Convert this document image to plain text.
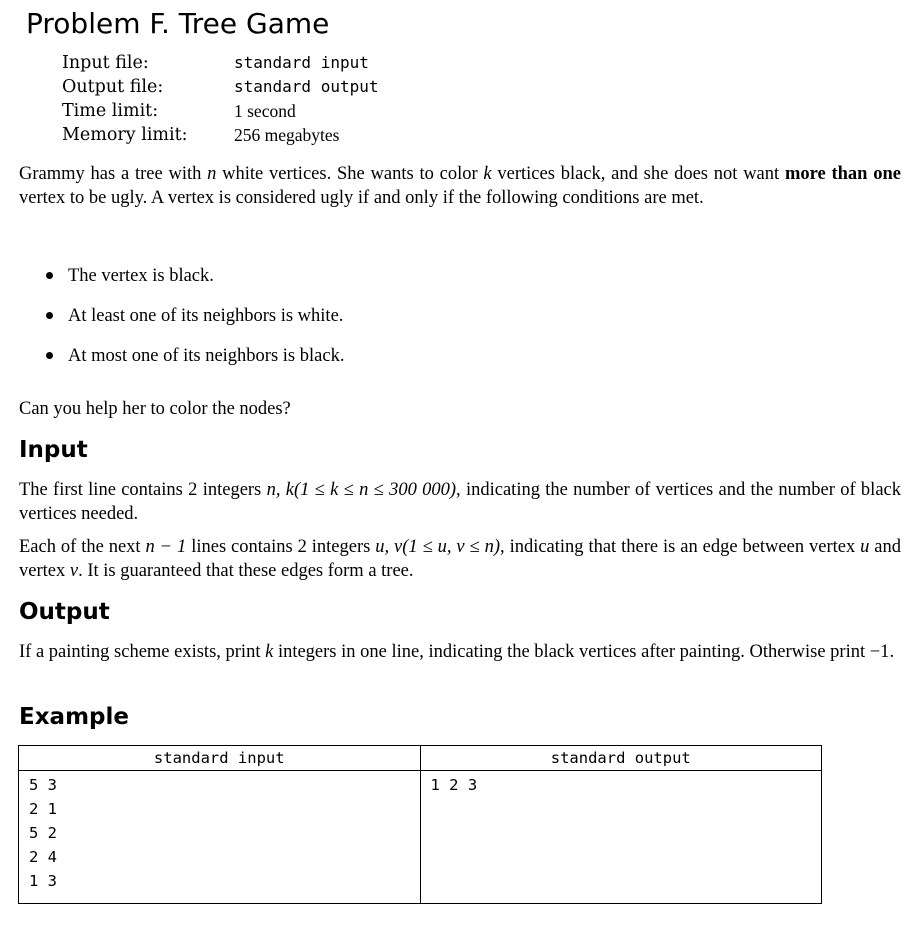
Problem F. Tree Game
Input file:	standard input
Output file:	standard output
Time limit:	1 second
Memory limit:	256 megabytes

Grammy has a tree with n white vertices. She wants to color k vertices black, and she does not want more than one vertex to be ugly. A vertex is considered ugly if and only if the following conditions are met.

The vertex is black.
At least one of its neighbors is white.
At most one of its neighbors is black.

Can you help her to color the nodes?

Input

The first line contains 2 integers n, k(1 ≤ k ≤ n ≤ 300 000), indicating the number of vertices and the number of black vertices needed.

Each of the next n − 1 lines contains 2 integers u, v(1 ≤ u, v ≤ n), indicating that there is an edge between vertex u and vertex v. It is guaranteed that these edges form a tree.

Output

If a painting scheme exists, print k integers in one line, indicating the black vertices after painting. Otherwise print −1.

Example
standard input	standard output

5 3
2 1
5 2
2 4
1 3	1 2 3
